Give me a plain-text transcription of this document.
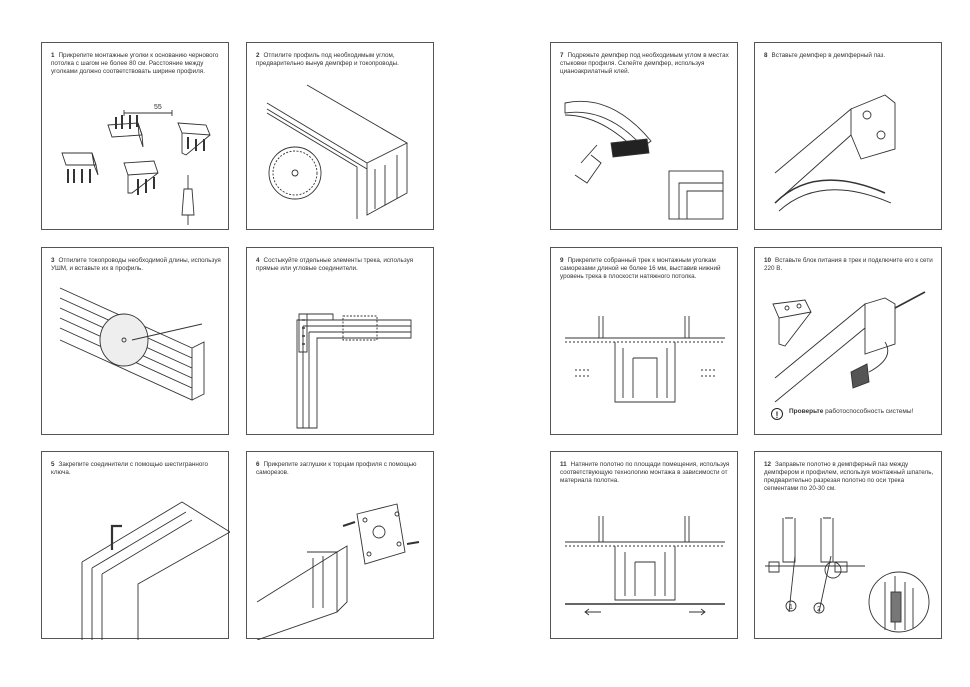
1 Прикрепите монтажные уголки к основанию чернового потолка с шагом не более 80 см. Расстояние между уголками должно соответствовать ширине профиля.
55
2 Отпилите профиль под необходимым углом, предварительно вынув демпфер и токопроводы.
3 Отпилите токопроводы необходимой длины, используя УШМ, и вставьте их в профиль.
4 Состыкуйте отдельные элементы трека, используя прямые или угловые соединители.
5 Закрепите соединители с помощью шестигранного ключа.
6 Прикрепите заглушки к торцам профиля с помощью саморезов.
7 Подрежьте демпфер под необходимым углом в местах стыковки профиля. Склейте демпфер, используя цианоакрилатный клей.
8 Вставьте демпфер в демпферный паз.
9 Прикрепите собранный трек к монтажным уголкам саморезами длиной не более 16 мм, выставив нижний уровень трека в плоскости натяжного потолка.
10 Вставьте блок питания в трек и подключите его к сети 220 В.
!	Проверьте работоспособность системы!
11 Натяните полотно по площади помещения, используя соответствующую технологию монтажа в зависимости от материала полотна.
12 Заправьте полотно в демпферный паз между демпфером и профилем, используя монтажный шпатель, предварительно разрезая полотно по оси трека сегментами по 20-30 см.
1	2
